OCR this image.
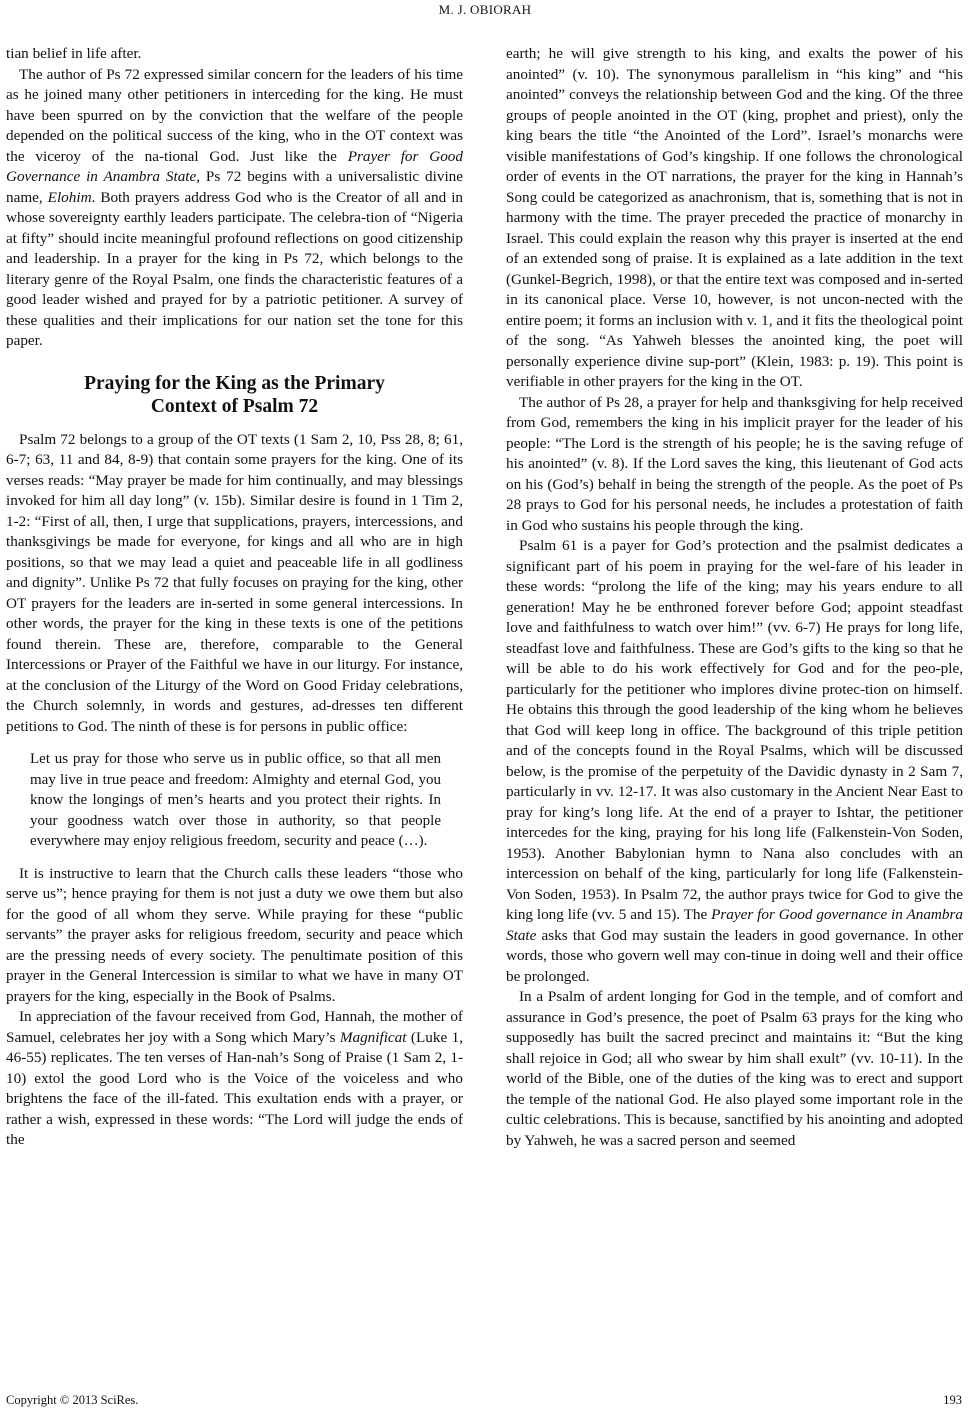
M. J. OBIORAH

tian belief in life after.

The author of Ps 72 expressed similar concern for the leaders of his time as he joined many other petitioners in interceding for the king. He must have been spurred on by the conviction that the welfare of the people depended on the political success of the king, who in the OT context was the viceroy of the na-tional God. Just like the Prayer for Good Governance in Anambra State, Ps 72 begins with a universalistic divine name, Elohim. Both prayers address God who is the Creator of all and in whose sovereignty earthly leaders participate. The celebra-tion of “Nigeria at fifty” should incite meaningful profound reflections on good citizenship and leadership. In a prayer for the king in Ps 72, which belongs to the literary genre of the Royal Psalm, one finds the characteristic features of a good leader wished and prayed for by a patriotic petitioner. A survey of these qualities and their implications for our nation set the tone for this paper.

Praying for the King as the Primary
Context of Psalm 72

Psalm 72 belongs to a group of the OT texts (1 Sam 2, 10, Pss 28, 8; 61, 6-7; 63, 11 and 84, 8-9) that contain some prayers for the king. One of its verses reads: “May prayer be made for him continually, and may blessings invoked for him all day long” (v. 15b). Similar desire is found in 1 Tim 2, 1-2: “First of all, then, I urge that supplications, prayers, intercessions, and thanksgivings be made for everyone, for kings and all who are in high positions, so that we may lead a quiet and peaceable life in all godliness and dignity”. Unlike Ps 72 that fully focuses on praying for the king, other OT prayers for the leaders are in-serted in some general intercessions. In other words, the prayer for the king in these texts is one of the petitions found therein. These are, therefore, comparable to the General Intercessions or Prayer of the Faithful we have in our liturgy. For instance, at the conclusion of the Liturgy of the Word on Good Friday celebrations, the Church solemnly, in words and gestures, ad-dresses ten different petitions to God. The ninth of these is for persons in public office:

Let us pray for those who serve us in public office, so that all men may live in true peace and freedom: Almighty and eternal God, you know the longings of men’s hearts and you protect their rights. In your goodness watch over those in authority, so that people everywhere may enjoy religious freedom, security and peace (…).

It is instructive to learn that the Church calls these leaders “those who serve us”; hence praying for them is not just a duty we owe them but also for the good of all whom they serve. While praying for these “public servants” the prayer asks for religious freedom, security and peace which are the pressing needs of every society. The penultimate position of this prayer in the General Intercession is similar to what we have in many OT prayers for the king, especially in the Book of Psalms.

In appreciation of the favour received from God, Hannah, the mother of Samuel, celebrates her joy with a Song which Mary’s Magnificat (Luke 1, 46-55) replicates. The ten verses of Han-nah’s Song of Praise (1 Sam 2, 1-10) extol the good Lord who is the Voice of the voiceless and who brightens the face of the ill-fated. This exultation ends with a prayer, or rather a wish, expressed in these words: “The Lord will judge the ends of the

earth; he will give strength to his king, and exalts the power of his anointed” (v. 10). The synonymous parallelism in “his king” and “his anointed” conveys the relationship between God and the king. Of the three groups of people anointed in the OT (king, prophet and priest), only the king bears the title “the Anointed of the Lord”. Israel’s monarchs were visible manifestations of God’s kingship. If one follows the chronological order of events in the OT narrations, the prayer for the king in Hannah’s Song could be categorized as anachronism, that is, something that is not in harmony with the time. The prayer preceded the practice of monarchy in Israel. This could explain the reason why this prayer is inserted at the end of an extended song of praise. It is explained as a late addition in the text (Gunkel-Begrich, 1998), or that the entire text was composed and in-serted in its canonical place. Verse 10, however, is not uncon-nected with the entire poem; it forms an inclusion with v. 1, and it fits the theological point of the song. “As Yahweh blesses the anointed king, the poet will personally experience divine sup-port” (Klein, 1983: p. 19). This point is verifiable in other prayers for the king in the OT.

The author of Ps 28, a prayer for help and thanksgiving for help received from God, remembers the king in his implicit prayer for the leader of his people: “The Lord is the strength of his people; he is the saving refuge of his anointed” (v. 8). If the Lord saves the king, this lieutenant of God acts on his (God’s) behalf in being the strength of the people. As the poet of Ps 28 prays to God for his personal needs, he includes a protestation of faith in God who sustains his people through the king.

Psalm 61 is a payer for God’s protection and the psalmist dedicates a significant part of his poem in praying for the wel-fare of his leader in these words: “prolong the life of the king; may his years endure to all generation! May he be enthroned forever before God; appoint steadfast love and faithfulness to watch over him!” (vv. 6-7) He prays for long life, steadfast love and faithfulness. These are God’s gifts to the king so that he will be able to do his work effectively for God and for the peo-ple, particularly for the petitioner who implores divine protec-tion on himself. He obtains this through the good leadership of the king whom he believes that God will keep long in office. The background of this triple petition and of the concepts found in the Royal Psalms, which will be discussed below, is the promise of the perpetuity of the Davidic dynasty in 2 Sam 7, particularly in vv. 12-17. It was also customary in the Ancient Near East to pray for king’s long life. At the end of a prayer to Ishtar, the petitioner intercedes for the king, praying for his long life (Falkenstein-Von Soden, 1953). Another Babylonian hymn to Nana also concludes with an intercession on behalf of the king, particularly for long life (Falkenstein-Von Soden, 1953). In Psalm 72, the author prays twice for God to give the king long life (vv. 5 and 15). The Prayer for Good governance in Anambra State asks that God may sustain the leaders in good governance. In other words, those who govern well may con-tinue in doing well and their office be prolonged.

In a Psalm of ardent longing for God in the temple, and of comfort and assurance in God’s presence, the poet of Psalm 63 prays for the king who supposedly has built the sacred precinct and maintains it: “But the king shall rejoice in God; all who swear by him shall exult” (vv. 10-11). In the world of the Bible, one of the duties of the king was to erect and support the temple of the national God. He also played some important role in the cultic celebrations. This is because, sanctified by his anointing and adopted by Yahweh, he was a sacred person and seemed

Copyright © 2013 SciRes.	193
